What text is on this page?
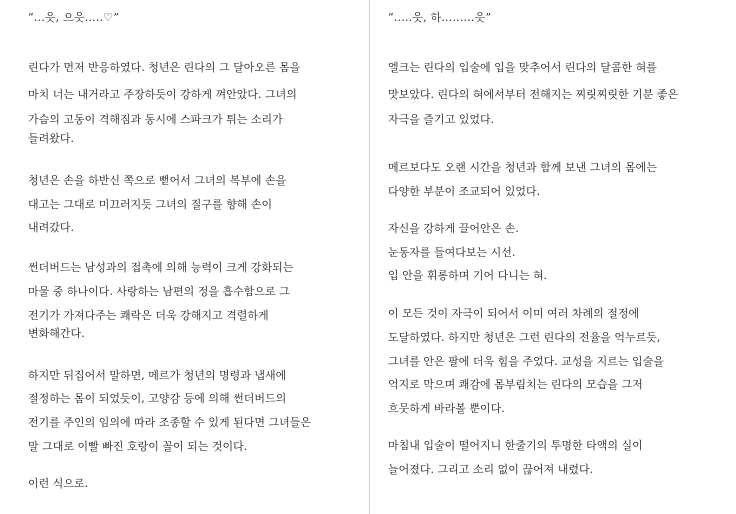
“...읏, 으읏.....♡”
린다가 먼저 반응하였다. 청년은 린다의 그 달아오른 몸을
마치 너는 내거라고 주장하듯이 강하게 껴안았다. 그녀의
가슴의 고동이 격해짐과 동시에 스파크가 튀는 소리가
들려왔다.
청년은 손을 하반신 쪽으로 뻗어서 그녀의 복부에 손을
대고는 그대로 미끄러지듯 그녀의 질구를 향해 손이
내려갔다.
썬더버드는 남성과의 접촉에 의해 능력이 크게 강화되는
마물 중 하나이다. 사랑하는 남편의 정을 흡수함으로 그
전기가 가져다주는 쾌락은 더욱 강해지고 격렬하게
변화해간다.
하지만 뒤집어서 말하면, 메르가 청년의 명령과 냅새에
절정하는 몸이 되었듯이, 고양감 등에 의해 썬더버드의
전기를 주인의 임의에 따라 조종할 수 있게 된다면 그녀들은
말 그대로 이빨 빠진 호랑이 꼴이 되는 것이다.
이런 식으로.
“.....읏, 하.........읏”
엘크는 린다의 입술에 입을 맞추어서 린다의 달콤한 혀를
맛보았다. 린다의 혀에서부터 전해지는 찌릿찌릿한 기분 좋은
자극을 즐기고 있었다.
메르보다도 오랜 시간을 청년과 함께 보낸 그녀의 몸에는
다양한 부분이 조교되어 있었다.
자신을 강하게 끌어안은 손.
눈동자를 들여다보는 시선.
입 안을 휘롱하며 기어 다니는 혀.
이 모든 것이 자극이 되어서 이미 여러 차례의 절정에
도달하였다. 하지만 청년은 그런 린다의 전율을 억누르듯,
그녀를 안은 팔에 더욱 힘을 주었다. 교성을 지르는 입술을
억지로 막으며 쾌감에 몸부림치는 린다의 모습을 그저
흐뭇하게 바라볼 뿐이다.
마침내 입술이 떨어지니 한줄기의 투명한 타액의 실이
늘어졌다. 그리고 소리 없이 끊어져 내렸다.
